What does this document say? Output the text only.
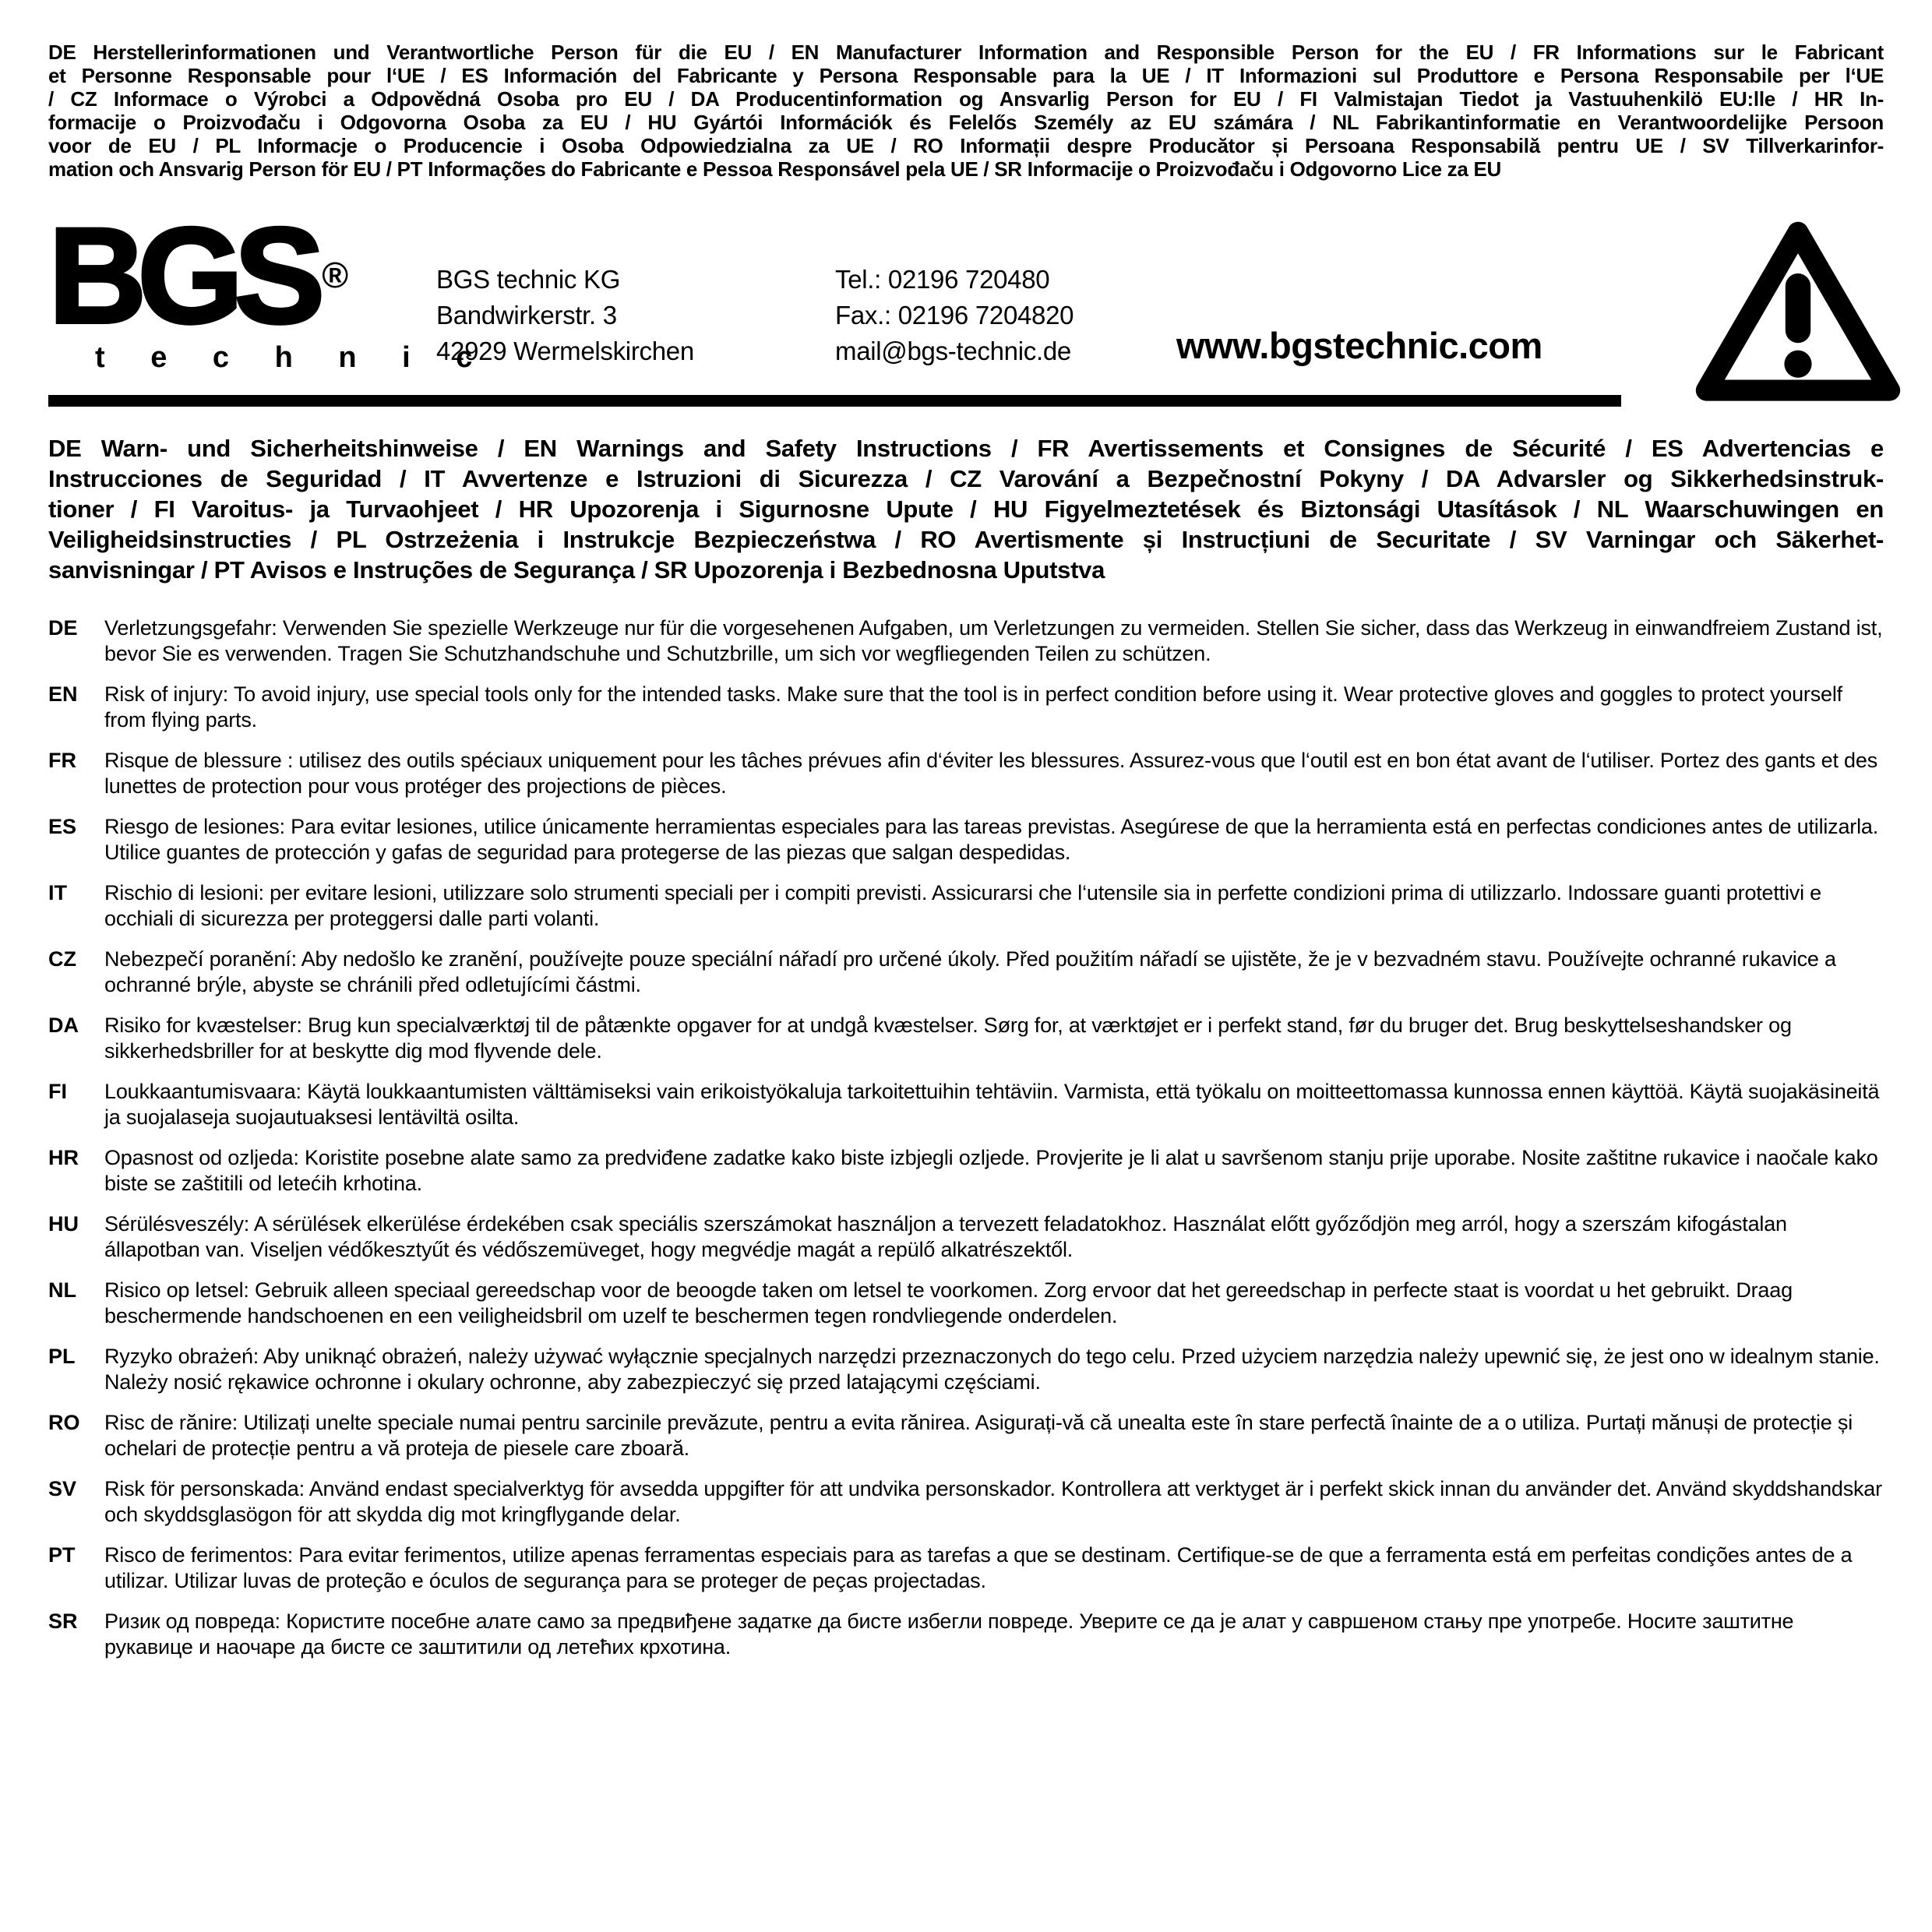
DE Herstellerinformationen und Verantwortliche Person für die EU / EN Manufacturer Information and Responsible Person for the EU / FR Informations sur le Fabricant
et Personne Responsable pour l‘UE / ES Información del Fabricante y Persona Responsable para la UE / IT Informazioni sul Produttore e Persona Responsabile per l‘UE
/ CZ Informace o Výrobci a Odpovědná Osoba pro EU / DA Producentinformation og Ansvarlig Person for EU / FI Valmistajan Tiedot ja Vastuuhenkilö EU:lle / HR In-
formacije o Proizvođaču i Odgovorna Osoba za EU / HU Gyártói Információk és Felelős Személy az EU számára / NL Fabrikantinformatie en Verantwoordelijke Persoon
voor de EU / PL Informacje o Producencie i Osoba Odpowiedzialna za UE / RO Informații despre Producător și Persoana Responsabilă pentru UE / SV Tillverkarinfor-
mation och Ansvarig Person för EU / PT Informações do Fabricante e Pessoa Responsável pela UE / SR Informacije o Proizvođaču i Odgovorno Lice za EU
BGS ®
t e c h n i c
BGS technic KG
Bandwirkerstr. 3
42929 Wermelskirchen
Tel.: 02196 720480
Fax.: 02196 7204820
mail@bgs-technic.de	www.bgstechnic.com
DE Warn- und Sicherheitshinweise / EN Warnings and Safety Instructions / FR Avertissements et Consignes de Sécurité / ES Advertencias e
Instrucciones de Seguridad / IT Avvertenze e Istruzioni di Sicurezza / CZ Varování a Bezpečnostní Pokyny / DA Advarsler og Sikkerhedsinstruk-
tioner / FI Varoitus- ja Turvaohjeet / HR Upozorenja i Sigurnosne Upute / HU Figyelmeztetések és Biztonsági Utasítások / NL Waarschuwingen en
Veiligheidsinstructies / PL Ostrzeżenia i Instrukcje Bezpieczeństwa / RO Avertismente și Instrucțiuni de Securitate / SV Varningar och Säkerhet-
sanvisningar / PT Avisos e Instruções de Segurança / SR Upozorenja i Bezbednosna Uputstva
DE	Verletzungsgefahr: Verwenden Sie spezielle Werkzeuge nur für die vorgesehenen Aufgaben, um Verletzungen zu vermeiden. Stellen Sie sicher, dass das Werkzeug in einwandfreiem Zustand ist, bevor Sie es verwenden. Tragen Sie Schutzhandschuhe und Schutzbrille, um sich vor wegfliegenden Teilen zu schützen.
EN	Risk of injury: To avoid injury, use special tools only for the intended tasks. Make sure that the tool is in perfect condition before using it. Wear protective gloves and goggles to protect yourself from flying parts.
FR	Risque de blessure : utilisez des outils spéciaux uniquement pour les tâches prévues afin d‘éviter les blessures. Assurez-vous que l‘outil est en bon état avant de l‘utiliser. Portez des gants et des lunettes de protection pour vous protéger des projections de pièces.
ES	Riesgo de lesiones: Para evitar lesiones, utilice únicamente herramientas especiales para las tareas previstas. Asegúrese de que la herramienta está en perfectas condiciones antes de utilizarla. Utilice guantes de protección y gafas de seguridad para protegerse de las piezas que salgan despedidas.
IT	Rischio di lesioni: per evitare lesioni, utilizzare solo strumenti speciali per i compiti previsti. Assicurarsi che l‘utensile sia in perfette condizioni prima di utilizzarlo. Indossare guanti protettivi e occhiali di sicurezza per proteggersi dalle parti volanti.
CZ	Nebezpečí poranění: Aby nedošlo ke zranění, používejte pouze speciální nářadí pro určené úkoly. Před použitím nářadí se ujistěte, že je v bezvadném stavu. Používejte ochranné rukavice a ochranné brýle, abyste se chránili před odletujícími částmi.
DA	Risiko for kvæstelser: Brug kun specialværktøj til de påtænkte opgaver for at undgå kvæstelser. Sørg for, at værktøjet er i perfekt stand, før du bruger det. Brug beskyttelseshandsker og sikkerhedsbriller for at beskytte dig mod flyvende dele.
FI	Loukkaantumisvaara: Käytä loukkaantumisten välttämiseksi vain erikoistyökaluja tarkoitettuihin tehtäviin. Varmista, että työkalu on moitteettomassa kunnossa ennen käyttöä. Käytä suojakäsineitä ja suojalaseja suojautuaksesi lentäviltä osilta.
HR	Opasnost od ozljeda: Koristite posebne alate samo za predviđene zadatke kako biste izbjegli ozljede. Provjerite je li alat u savršenom stanju prije uporabe. Nosite zaštitne rukavice i naočale kako biste se zaštitili od letećih krhotina.
HU	Sérülésveszély: A sérülések elkerülése érdekében csak speciális szerszámokat használjon a tervezett feladatokhoz. Használat előtt győződjön meg arról, hogy a szerszám kifogástalan állapotban van. Viseljen védőkesztyűt és védőszemüveget, hogy megvédje magát a repülő alkatrészektől.
NL	Risico op letsel: Gebruik alleen speciaal gereedschap voor de beoogde taken om letsel te voorkomen. Zorg ervoor dat het gereedschap in perfecte staat is voordat u het gebruikt. Draag beschermende handschoenen en een veiligheidsbril om uzelf te beschermen tegen rondvliegende onderdelen.
PL	Ryzyko obrażeń: Aby uniknąć obrażeń, należy używać wyłącznie specjalnych narzędzi przeznaczonych do tego celu. Przed użyciem narzędzia należy upewnić się, że jest ono w idealnym stanie. Należy nosić rękawice ochronne i okulary ochronne, aby zabezpieczyć się przed latającymi częściami.
RO	Risc de rănire: Utilizați unelte speciale numai pentru sarcinile prevăzute, pentru a evita rănirea. Asigurați-vă că unealta este în stare perfectă înainte de a o utiliza. Purtați mănuși de protecție și ochelari de protecție pentru a vă proteja de piesele care zboară.
SV	Risk för personskada: Använd endast specialverktyg för avsedda uppgifter för att undvika personskador. Kontrollera att verktyget är i perfekt skick innan du använder det. Använd skyddshandskar och skyddsglasögon för att skydda dig mot kringflygande delar.
PT	Risco de ferimentos: Para evitar ferimentos, utilize apenas ferramentas especiais para as tarefas a que se destinam. Certifique-se de que a ferramenta está em perfeitas condições antes de a utilizar. Utilizar luvas de proteção e óculos de segurança para se proteger de peças projectadas.
SR	Ризик од повреда: Користите посебне алате само за предвиђене задатке да бисте избегли повреде. Уверите се да је алат у савршеном стању пре употребе. Носите заштитне рукавице и наочаре да бисте се заштитили од летећих крхотина.
